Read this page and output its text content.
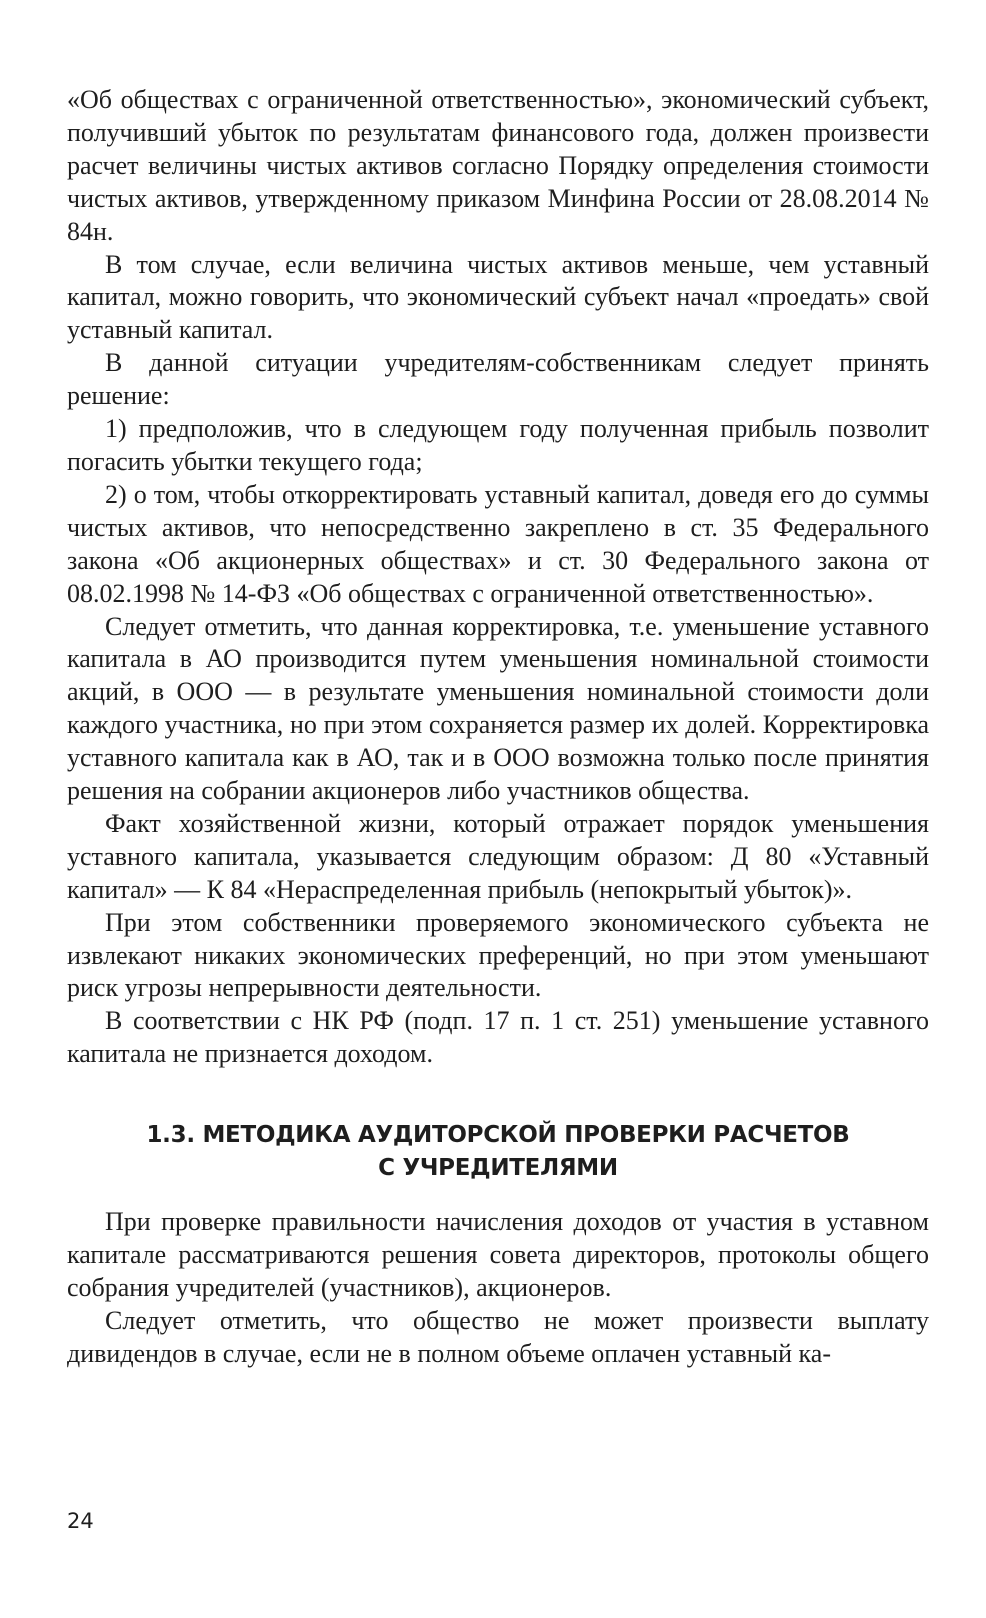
«Об обществах с ограниченной ответственностью», экономический субъект, получивший убыток по результатам финансового года, должен произвести расчет величины чистых активов согласно Порядку определения стоимости чистых активов, утвержденному приказом Минфина России от 28.08.2014 № 84н.

В том случае, если величина чистых активов меньше, чем уставный капитал, можно говорить, что экономический субъект начал «проедать» свой уставный капитал.

В данной ситуации учредителям-собственникам следует принять решение:

1) предположив, что в следующем году полученная прибыль позволит погасить убытки текущего года;

2) о том, чтобы откорректировать уставный капитал, доведя его до суммы чистых активов, что непосредственно закреплено в ст. 35 Федерального закона «Об акционерных обществах» и ст. 30 Федерального закона от 08.02.1998 № 14-ФЗ «Об обществах с ограниченной ответственностью».

Следует отметить, что данная корректировка, т.е. уменьшение уставного капитала в АО производится путем уменьшения номинальной стоимости акций, в ООО — в результате уменьшения номинальной стоимости доли каждого участника, но при этом сохраняется размер их долей. Корректировка уставного капитала как в АО, так и в ООО возможна только после принятия решения на собрании акционеров либо участников общества.

Факт хозяйственной жизни, который отражает порядок уменьшения уставного капитала, указывается следующим образом: Д 80 «Уставный капитал» — К 84 «Нераспределенная прибыль (непокрытый убыток)».

При этом собственники проверяемого экономического субъекта не извлекают никаких экономических преференций, но при этом уменьшают риск угрозы непрерывности деятельности.

В соответствии с НК РФ (подп. 17 п. 1 ст. 251) уменьшение уставного капитала не признается доходом.

1.3. МЕТОДИКА АУДИТОРСКОЙ ПРОВЕРКИ РАСЧЕТОВ
С УЧРЕДИТЕЛЯМИ

При проверке правильности начисления доходов от участия в уставном капитале рассматриваются решения совета директоров, протоколы общего собрания учредителей (участников), акционеров.

Следует отметить, что общество не может произвести выплату дивидендов в случае, если не в полном объеме оплачен уставный ка-

24
